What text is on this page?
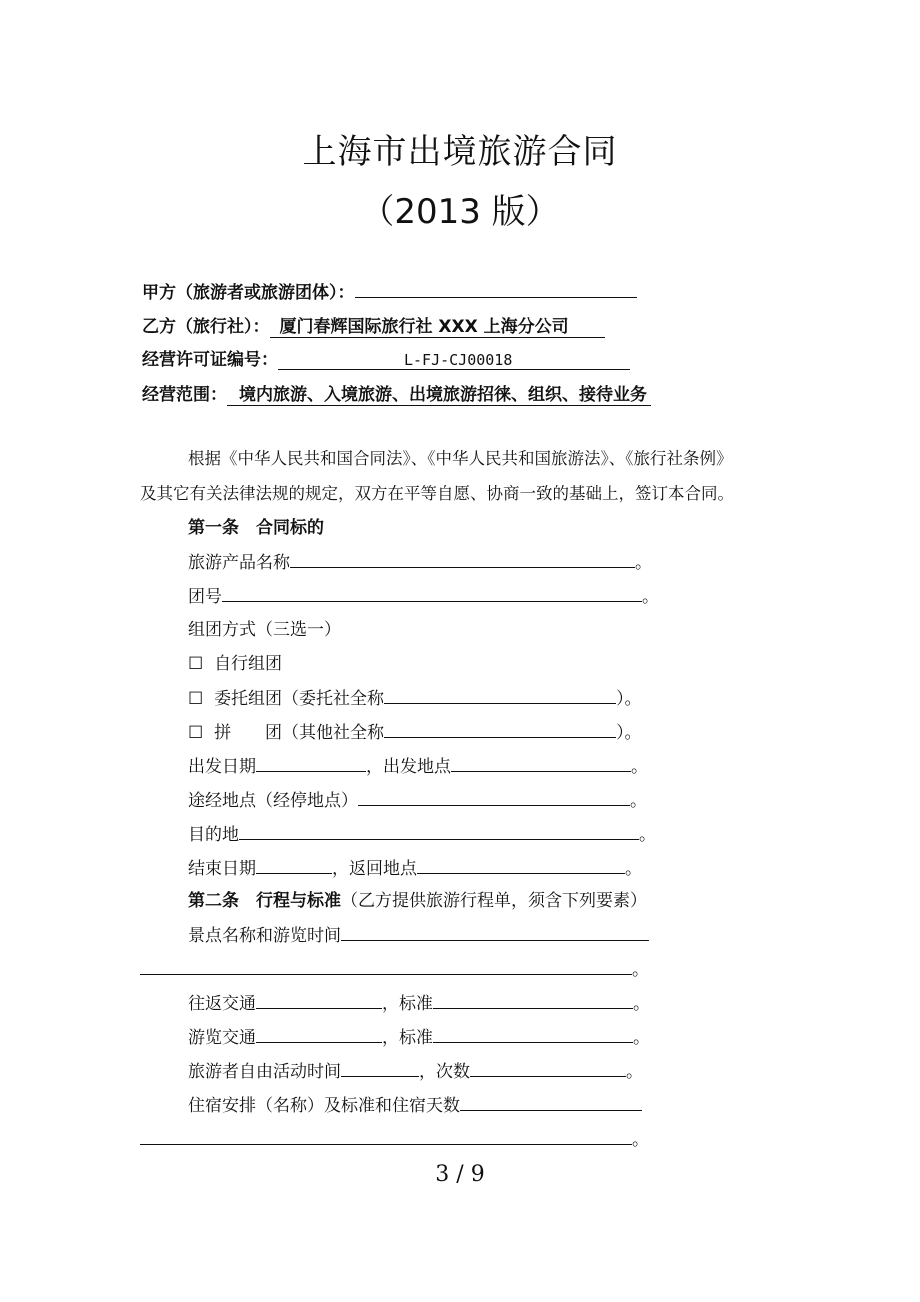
上海市出境旅游合同
（2013 版）
甲方（旅游者或旅游团体）：
乙方（旅行社）： 厦门春辉国际旅行社 XXX 上海分公司
经营许可证编号：	L-FJ-CJ00018
经营范围： 境内旅游、入境旅游、出境旅游招徕、组织、接待业务
根据《中华人民共和国合同法》、《中华人民共和国旅游法》、《旅行社条例》
及其它有关法律法规的规定，双方在平等自愿、协商一致的基础上，签订本合同。
第一条　合同标的
旅游产品名称	。
团号	。
组团方式（三选一）
☐ 自行组团
☐ 委托组团（委托社全称	）。
☐ 拼　　团（其他社全称	）。
出发日期	，出发地点	。
途经地点（经停地点）	。
目的地	。
结束日期	，返回地点	。
第二条　行程与标准（乙方提供旅游行程单，须含下列要素）
景点名称和游览时间
。
往返交通	，标准	。
游览交通	，标准	。
旅游者自由活动时间	，次数	。
住宿安排（名称）及标准和住宿天数
。
3 / 9
